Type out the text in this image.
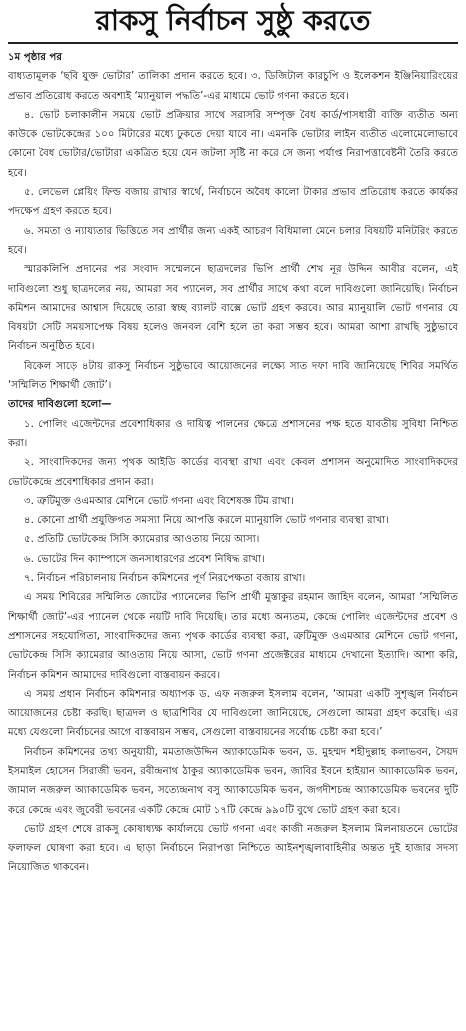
রাকসু নির্বাচন সুষ্ঠু করতে

১ম পৃষ্ঠার পর

বাধ্যতামূলক ‘ছবি যুক্ত ভোটার’ তালিকা প্রদান করতে হবে। ৩. ডিজিটাল কারচুপি ও ইলেকশন ইঞ্জিনিয়ারিংয়ের প্রভাব প্রতিরোধ করতে অবশ্যই ‘ম্যানুয়াল পদ্ধতি’-এর মাধ্যমে ভোট গণনা করতে হবে।

৪. ভোট চলাকালীন সময়ে ভোট প্রক্রিয়ার সাথে সরাসরি সম্পৃক্ত বৈধ কার্ড/পাসধারী ব্যক্তি ব্যতীত অন্য কাউকে ভোটকেন্দ্রের ১০০ মিটারের মধ্যে ঢুকতে দেয়া যাবে না। এমনকি ভোটার লাইন ব্যতীত এলোমেলোভাবে কোনো বৈধ ভোটার/ভোটারা একত্রিত হয়ে যেন জটলা সৃষ্টি না করে সে জন্য পর্যাপ্ত নিরাপত্তাবেষ্টনী তৈরি করতে হবে।

৫. লেভেল প্লেয়িং ফিল্ড বজায় রাখার স্বার্থে, নির্বাচনে অবৈধ কালো টাকার প্রভাব প্রতিরোধ করতে কার্যকর পদক্ষেপ গ্রহণ করতে হবে।

৬. সমতা ও ন্যায্যতার ভিত্তিতে সব প্রার্থীর জন্য একই আচরণ বিধিমালা মেনে চলার বিষয়টি মনিটরিং করতে হবে।

স্মারকলিপি প্রদানের পর সংবাদ সম্মেলনে ছাত্রদলের ভিপি প্রার্থী শেখ নূর উদ্দিন আবীর বলেন, এই দাবিগুলো শুধু ছাত্রদলের নয়, আমরা সব প্যানেল, সব প্রার্থীর সাথে কথা বলে দাবিগুলো জানিয়েছি। নির্বাচন কমিশন আমাদের আশ্বাস দিয়েছে তারা স্বচ্ছ ব্যালট বাক্সে ভোট গ্রহণ করবে। আর ম্যানুয়ালি ভোট গণনার যে বিষয়টা সেটি সময়সাপেক্ষ বিষয় হলেও জনবল বেশি হলে তা করা সম্ভব হবে। আমরা আশা রাখছি সুষ্ঠুভাবে নির্বাচন অনুষ্ঠিত হবে।

বিকেল সাড়ে ৪টায় রাকসু নির্বাচন সুষ্ঠুভাবে আয়োজনের লক্ষ্যে সাত দফা দাবি জানিয়েছে শিবির সমর্থিত ‘সম্মিলিত শিক্ষার্থী জোট’।

তাদের দাবিগুলো হলো—

১. পোলিং এজেন্টদের প্রবেশাধিকার ও দায়িত্ব পালনের ক্ষেত্রে প্রশাসনের পক্ষ হতে যাবতীয় সুবিধা নিশ্চিত করা।

২. সাংবাদিকদের জন্য পৃথক আইডি কার্ডের ব্যবস্থা রাখা এবং কেবল প্রশাসন অনুমোদিত সাংবাদিকদের ভোটকেন্দ্রে প্রবেশাধিকার প্রদান করা।

৩. ত্রুটিমুক্ত ওএমআর মেশিনে ভোট গণনা এবং বিশেষজ্ঞ টিম রাখা।

৪. কোনো প্রার্থী প্রযুক্তিগত সমস্যা নিয়ে আপত্তি করলে ম্যানুয়ালি ভোট গণনার ব্যবস্থা রাখা।

৫. প্রতিটি ভোটকেন্দ্র সিসি ক্যামেরার আওতায় নিয়ে আসা।

৬. ভোটের দিন ক্যাম্পাসে জনসাধারণের প্রবেশ নিষিদ্ধ রাখা।

৭. নির্বাচন পরিচালনায় নির্বাচন কমিশনের পূর্ণ নিরপেক্ষতা বজায় রাখা।

এ সময় শিবিরের সম্মিলিত জোটের প্যানেলের ভিপি প্রার্থী মুস্তাকুর রহমান জাহিদ বলেন, আমরা ‘সম্মিলিত শিক্ষার্থী জোট’-এর প্যানেল থেকে নয়টি দাবি দিয়েছি। তার মধ্যে অন্যতম, কেন্দ্রে পোলিং এজেন্টদের প্রবেশ ও প্রশাসনের সহযোগিতা, সাংবাদিকদের জন্য পৃথক কার্ডের ব্যবস্থা করা, ত্রুটিমুক্ত ওএমআর মেশিনে ভোট গণনা, ভোটকেন্দ্র সিসি ক্যামেরার আওতায় নিয়ে আসা, ভোট গণনা প্রজেক্টরের মাধ্যমে দেখানো ইত্যাদি। আশা করি, নির্বাচন কমিশন আমাদের দাবিগুলো বাস্তবায়ন করবে।

এ সময় প্রধান নির্বাচন কমিশনার অধ্যাপক ড. এফ নজরুল ইসলাম বলেন, ‘আমরা একটি সুশৃঙ্খল নির্বাচন আয়োজনের চেষ্টা করছি। ছাত্রদল ও ছাত্রশিবির যে দাবিগুলো জানিয়েছে, সেগুলো আমরা গ্রহণ করেছি। এর মধ্যে যেগুলো নির্বাচনের আগে বাস্তবায়ন সম্ভব, সেগুলো বাস্তবায়নের সর্বোচ্চ চেষ্টা করা হবে।’

নির্বাচন কমিশনের তথ্য অনুযায়ী, মমতাজউদ্দিন অ্যাকাডেমিক ভবন, ড. মুহম্মদ শহীদুল্লাহ কলাভবন, সৈয়দ ইসমাইল হোসেন সিরাজী ভবন, রবীন্দ্রনাথ ঠাকুর অ্যাকাডেমিক ভবন, জাবির ইবনে হাইয়ান অ্যাকাডেমিক ভবন, জামাল নজরুল অ্যাকাডেমিক ভবন, সত্যেন্দ্রনাথ বসু অ্যাকাডেমিক ভবন, জগদীশচন্দ্র অ্যাকাডেমিক ভবনের দুটি করে কেন্দ্রে এবং জুবেরী ভবনের একটি কেন্দ্রে মোট ১৭টি কেন্দ্রে ৯৯০টি বুথে ভোট গ্রহণ করা হবে।

ভোট গ্রহণ শেষে রাকসু কোষাধ্যক্ষ কার্যালয়ে ভোট গণনা এবং কাজী নজরুল ইসলাম মিলনায়তনে ভোটের ফলাফল ঘোষণা করা হবে। এ ছাড়া নির্বাচনে নিরাপত্তা নিশ্চিতে আইনশৃঙ্খলাবাহিনীর অন্তত দুই হাজার সদস্য নিয়োজিত থাকবেন।
